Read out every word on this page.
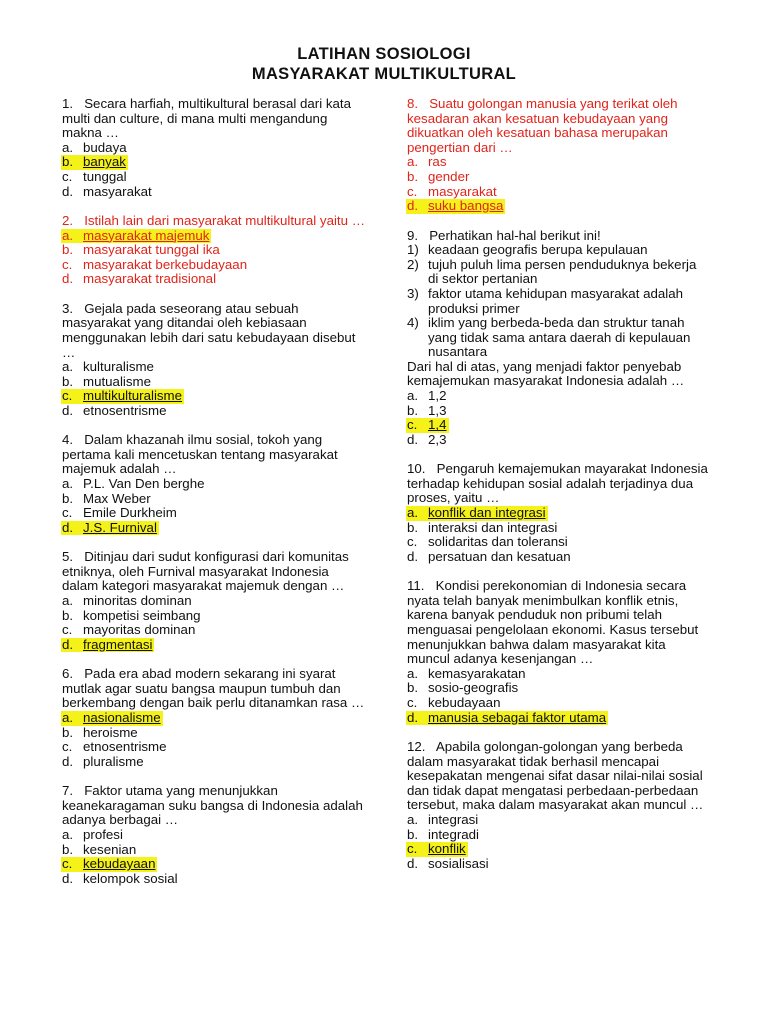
LATIHAN SOSIOLOGI
MASYARAKAT MULTIKULTURAL
1. Secara harfiah, multikultural berasal dari kata multi dan culture, di mana multi mengandung makna …
a. budaya
b. banyak
c. tunggal
d. masyarakat
2. Istilah lain dari masyarakat multikultural yaitu …
a. masyarakat majemuk
b. masyarakat tunggal ika
c. masyarakat berkebudayaan
d. masyarakat tradisional
3. Gejala pada seseorang atau sebuah masyarakat yang ditandai oleh kebiasaan menggunakan lebih dari satu kebudayaan disebut …
a. kulturalisme
b. mutualisme
c. multikulturalisme
d. etnosentrisme
4. Dalam khazanah ilmu sosial, tokoh yang pertama kali mencetuskan tentang masyarakat majemuk adalah …
a. P.L. Van Den berghe
b. Max Weber
c. Emile Durkheim
d. J.S. Furnival
5. Ditinjau dari sudut konfigurasi dari komunitas etniknya, oleh Furnival masyarakat Indonesia dalam kategori masyarakat majemuk dengan …
a. minoritas dominan
b. kompetisi seimbang
c. mayoritas dominan
d. fragmentasi
6. Pada era abad modern sekarang ini syarat mutlak agar suatu bangsa maupun tumbuh dan berkembang dengan baik perlu ditanamkan rasa …
a. nasionalisme
b. heroisme
c. etnosentrisme
d. pluralisme
7. Faktor utama yang menunjukkan keanekaragaman suku bangsa di Indonesia adalah adanya berbagai …
a. profesi
b. kesenian
c. kebudayaan
d. kelompok sosial
8. Suatu golongan manusia yang terikat oleh kesadaran akan kesatuan kebudayaan yang dikuatkan oleh kesatuan bahasa merupakan pengertian dari …
a. ras
b. gender
c. masyarakat
d. suku bangsa
9. Perhatikan hal-hal berikut ini!
1) keadaan geografis berupa kepulauan
2) tujuh puluh lima persen penduduknya bekerja di sektor pertanian
3) faktor utama kehidupan masyarakat adalah produksi primer
4) iklim yang berbeda-beda dan struktur tanah yang tidak sama antara daerah di kepulauan nusantara
Dari hal di atas, yang menjadi faktor penyebab kemajemukan masyarakat Indonesia adalah …
a. 1,2
b. 1,3
c. 1,4
d. 2,3
10. Pengaruh kemajemukan mayarakat Indonesia terhadap kehidupan sosial adalah terjadinya dua proses, yaitu …
a. konflik dan integrasi
b. interaksi dan integrasi
c. solidaritas dan toleransi
d. persatuan dan kesatuan
11. Kondisi perekonomian di Indonesia secara nyata telah banyak menimbulkan konflik etnis, karena banyak penduduk non pribumi telah menguasai pengelolaan ekonomi. Kasus tersebut menunjukkan bahwa dalam masyarakat kita muncul adanya kesenjangan …
a. kemasyarakatan
b. sosio-geografis
c. kebudayaan
d. manusia sebagai faktor utama
12. Apabila golongan-golongan yang berbeda dalam masyarakat tidak berhasil mencapai kesepakatan mengenai sifat dasar nilai-nilai sosial dan tidak dapat mengatasi perbedaan-perbedaan tersebut, maka dalam masyarakat akan muncul …
a. integrasi
b. integradi
c. konflik
d. sosialisasi
